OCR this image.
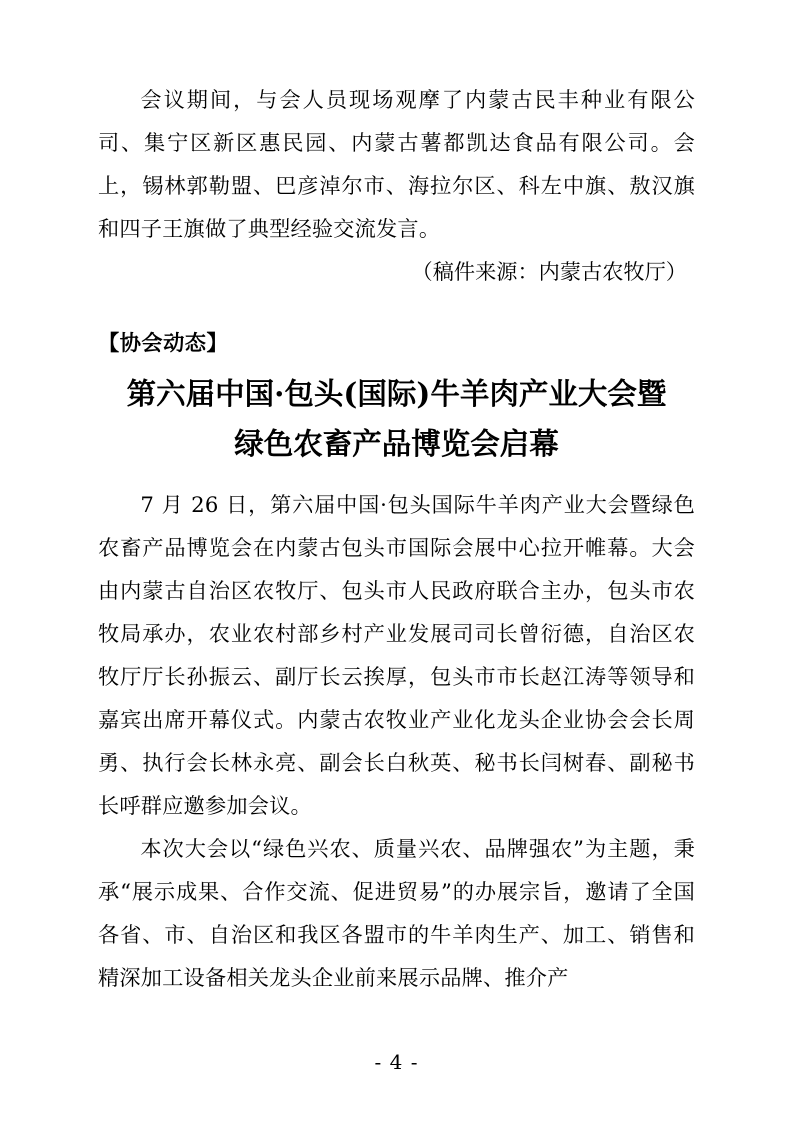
会议期间，与会人员现场观摩了内蒙古民丰种业有限公司、集宁区新区惠民园、内蒙古薯都凯达食品有限公司。会上，锡林郭勒盟、巴彦淖尔市、海拉尔区、科左中旗、敖汉旗和四子王旗做了典型经验交流发言。

（稿件来源：内蒙古农牧厅）

【协会动态】

第六届中国·包头(国际)牛羊肉产业大会暨
绿色农畜产品博览会启幕

7 月 26 日，第六届中国·包头国际牛羊肉产业大会暨绿色农畜产品博览会在内蒙古包头市国际会展中心拉开帷幕。大会由内蒙古自治区农牧厅、包头市人民政府联合主办，包头市农牧局承办，农业农村部乡村产业发展司司长曾衍德，自治区农牧厅厅长孙振云、副厅长云挨厚，包头市市长赵江涛等领导和嘉宾出席开幕仪式。内蒙古农牧业产业化龙头企业协会会长周勇、执行会长林永亮、副会长白秋英、秘书长闫树春、副秘书长呼群应邀参加会议。

本次大会以“绿色兴农、质量兴农、品牌强农”为主题，秉承“展示成果、合作交流、促进贸易”的办展宗旨，邀请了全国各省、市、自治区和我区各盟市的牛羊肉生产、加工、销售和精深加工设备相关龙头企业前来展示品牌、推介产

- 4 -
